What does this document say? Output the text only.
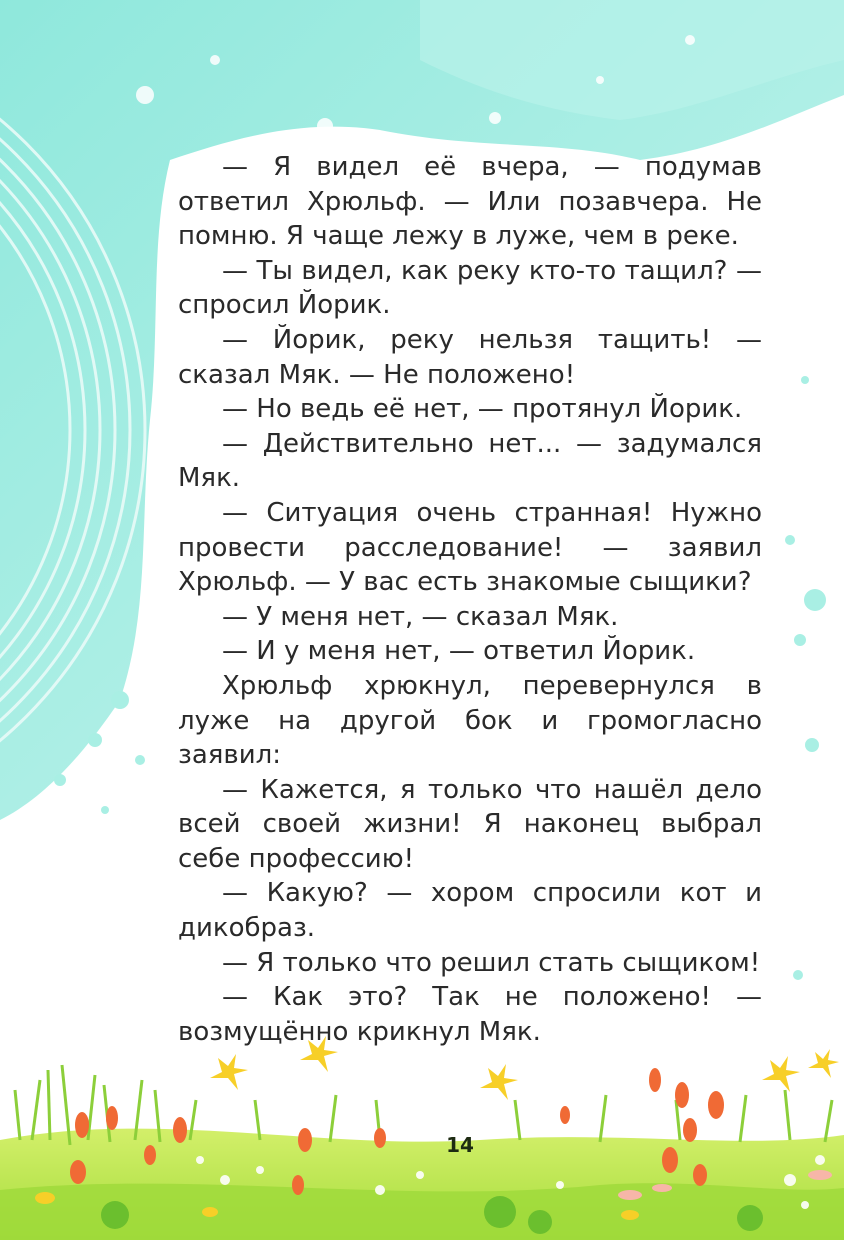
— Я видел её вчера, — подумав ответил Хрюльф. — Или позавчера. Не помню. Я чаще лежу в луже, чем в реке.

— Ты видел, как реку кто-то тащил? — спросил Йорик.

— Йорик, реку нельзя тащить! — сказал Мяк. — Не положено!

— Но ведь её нет, — протянул Йорик.

— Действительно нет... — задумался Мяк.

— Ситуация очень странная! Нужно провести расследование! — заявил Хрюльф. — У вас есть знакомые сыщики?

— У меня нет, — сказал Мяк.

— И у меня нет, — ответил Йорик.

Хрюльф хрюкнул, перевернулся в луже на другой бок и громогласно заявил:

— Кажется, я только что нашёл дело всей своей жизни! Я наконец выбрал себе профессию!

— Какую? — хором спросили кот и дикобраз.

— Я только что решил стать сыщиком!

— Как это? Так не положено! — возмущённо крикнул Мяк.

14
